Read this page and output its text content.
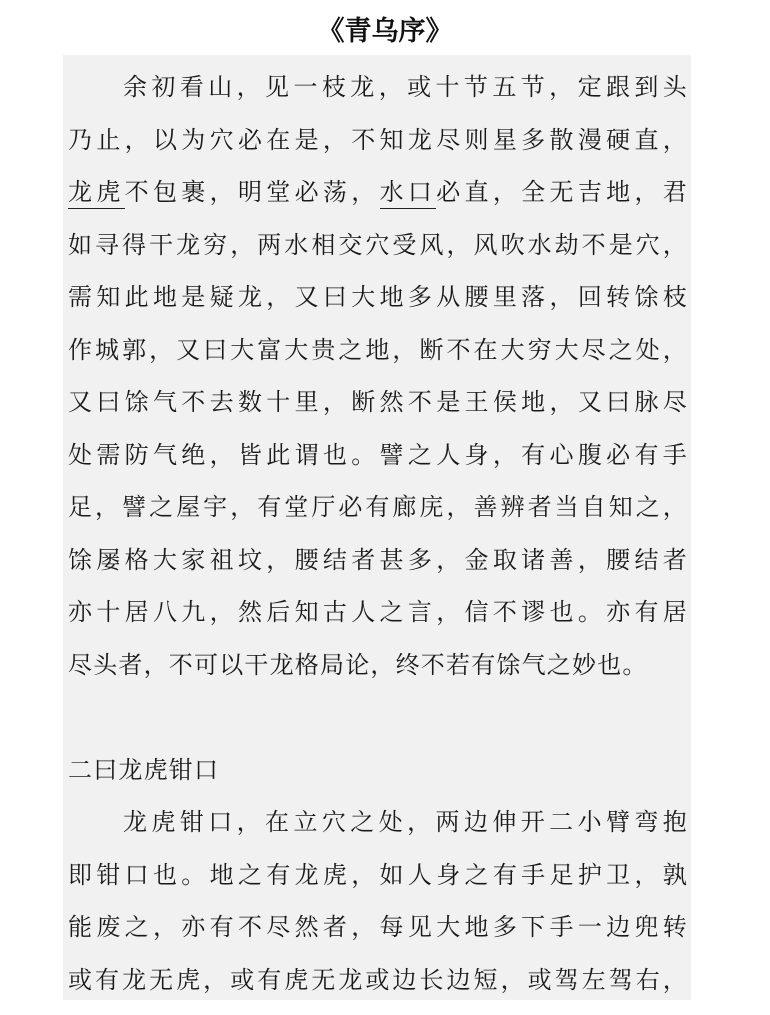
《青乌序》
余初看山，见一枝龙，或十节五节，定跟到头
乃止，以为穴必在是，不知龙尽则星多散漫硬直，
龙虎不包裹，明堂必荡，水口必直，全无吉地，君
如寻得干龙穷，两水相交穴受风，风吹水劫不是穴，
需知此地是疑龙，又曰大地多从腰里落，回转馀枝
作城郭，又曰大富大贵之地，断不在大穷大尽之处，
又曰馀气不去数十里，断然不是王侯地，又曰脉尽
处需防气绝，皆此谓也。譬之人身，有心腹必有手
足，譬之屋宇，有堂厅必有廊庑，善辨者当自知之，
馀屡格大家祖坟，腰结者甚多，金取诸善，腰结者
亦十居八九，然后知古人之言，信不谬也。亦有居
尽头者，不可以干龙格局论，终不若有馀气之妙也。
二曰龙虎钳口
龙虎钳口，在立穴之处，两边伸开二小臂弯抱
即钳口也。地之有龙虎，如人身之有手足护卫，孰
能废之，亦有不尽然者，每见大地多下手一边兜转
或有龙无虎，或有虎无龙或边长边短，或驾左驾右，
